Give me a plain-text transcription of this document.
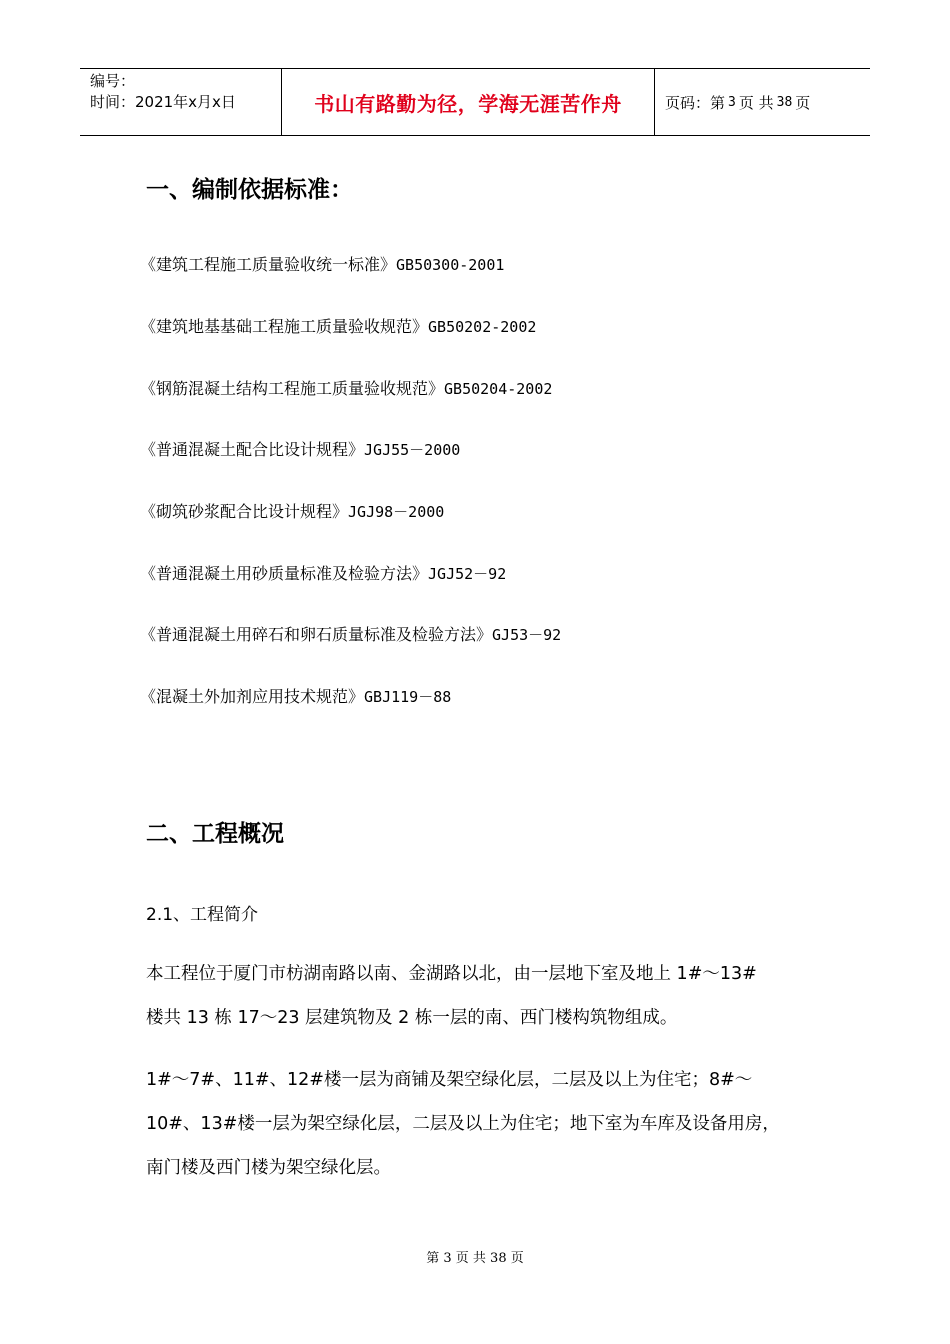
编号：
时间：2021年x月x日	书山有路勤为径，学海无涯苦作舟	页码：第 3 页 共 38 页
一、编制依据标准：
《建筑工程施工质量验收统一标准》GB50300-2001
《建筑地基基础工程施工质量验收规范》GB50202-2002
《钢筋混凝土结构工程施工质量验收规范》GB50204-2002
《普通混凝土配合比设计规程》JGJ55－2000
《砌筑砂浆配合比设计规程》JGJ98－2000
《普通混凝土用砂质量标准及检验方法》JGJ52－92
《普通混凝土用碎石和卵石质量标准及检验方法》GJ53－92
《混凝土外加剂应用技术规范》GBJ119－88
二、工程概况
2.1、工程简介
本工程位于厦门市枋湖南路以南、金湖路以北，由一层地下室及地上 1#～13#
楼共 13 栋 17～23 层建筑物及 2 栋一层的南、西门楼构筑物组成。
1#～7#、11#、12#楼一层为商铺及架空绿化层，二层及以上为住宅；8#～
10#、13#楼一层为架空绿化层，二层及以上为住宅；地下室为车库及设备用房，
南门楼及西门楼为架空绿化层。
第 3 页 共 38 页
